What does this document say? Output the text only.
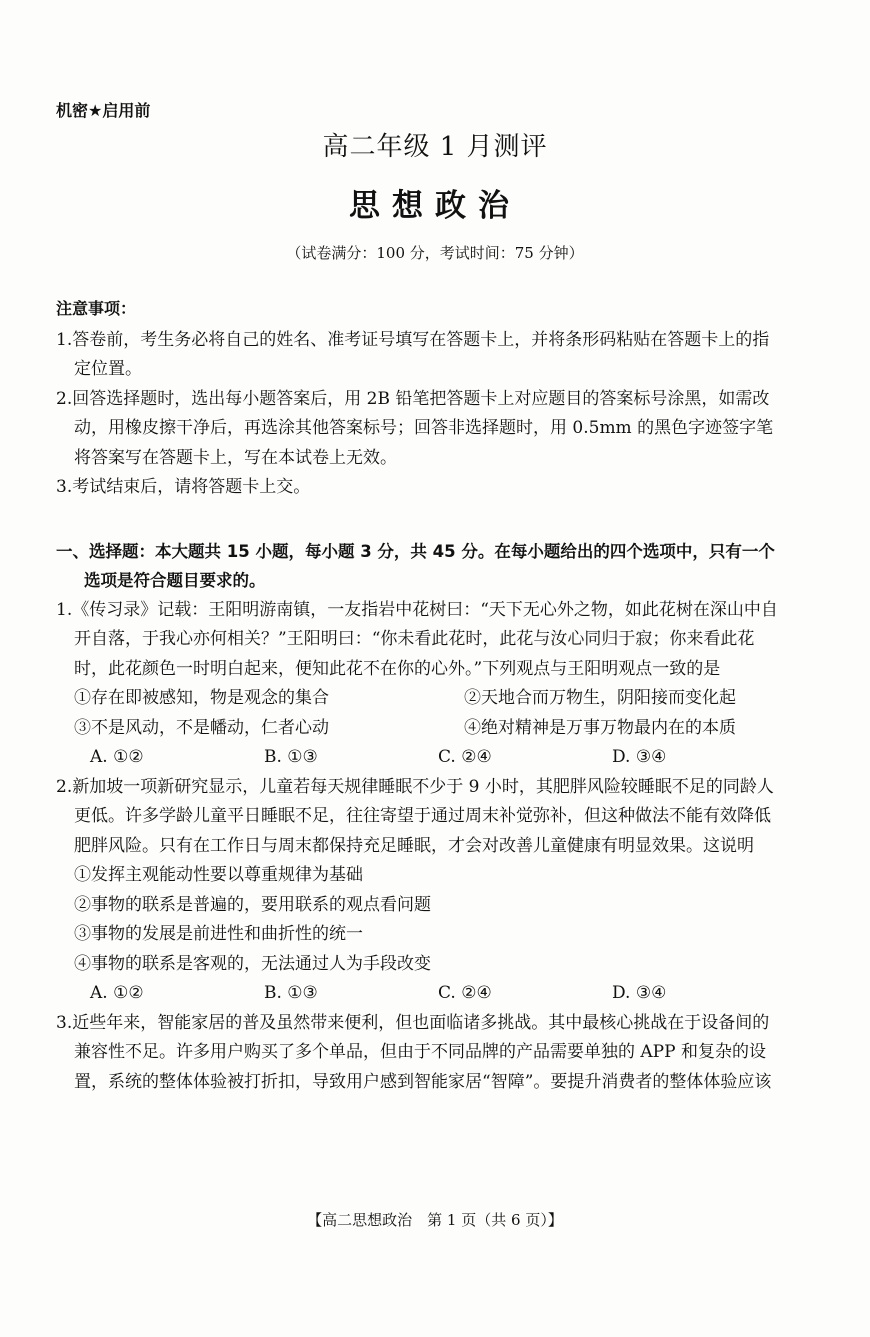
机密★启用前
高二年级 1 月测评
思想政治
（试卷满分：100 分，考试时间：75 分钟）
注意事项：
1.答卷前，考生务必将自己的姓名、准考证号填写在答题卡上，并将条形码粘贴在答题卡上的指定位置。
2.回答选择题时，选出每小题答案后，用 2B 铅笔把答题卡上对应题目的答案标号涂黑，如需改动，用橡皮擦干净后，再选涂其他答案标号；回答非选择题时，用 0.5mm 的黑色字迹签字笔将答案写在答题卡上，写在本试卷上无效。
3.考试结束后，请将答题卡上交。
一、选择题：本大题共 15 小题，每小题 3 分，共 45 分。在每小题给出的四个选项中，只有一个选项是符合题目要求的。
1.《传习录》记载：王阳明游南镇，一友指岩中花树曰：“天下无心外之物，如此花树在深山中自开自落，于我心亦何相关？”王阳明曰：“你未看此花时，此花与汝心同归于寂；你来看此花时，此花颜色一时明白起来，便知此花不在你的心外。”下列观点与王阳明观点一致的是
①存在即被感知，物是观念的集合	②天地合而万物生，阴阳接而变化起
③不是风动，不是幡动，仁者心动	④绝对精神是万事万物最内在的本质
A. ①②	B. ①③	C. ②④	D. ③④
2.新加坡一项新研究显示，儿童若每天规律睡眠不少于 9 小时，其肥胖风险较睡眠不足的同龄人更低。许多学龄儿童平日睡眠不足，往往寄望于通过周末补觉弥补，但这种做法不能有效降低肥胖风险。只有在工作日与周末都保持充足睡眠，才会对改善儿童健康有明显效果。这说明
①发挥主观能动性要以尊重规律为基础
②事物的联系是普遍的，要用联系的观点看问题
③事物的发展是前进性和曲折性的统一
④事物的联系是客观的，无法通过人为手段改变
A. ①②	B. ①③	C. ②④	D. ③④
3.近些年来，智能家居的普及虽然带来便利，但也面临诸多挑战。其中最核心挑战在于设备间的兼容性不足。许多用户购买了多个单品，但由于不同品牌的产品需要单独的 APP 和复杂的设置，系统的整体体验被打折扣，导致用户感到智能家居“智障”。要提升消费者的整体体验应该
【高二思想政治　第 1 页（共 6 页）】
